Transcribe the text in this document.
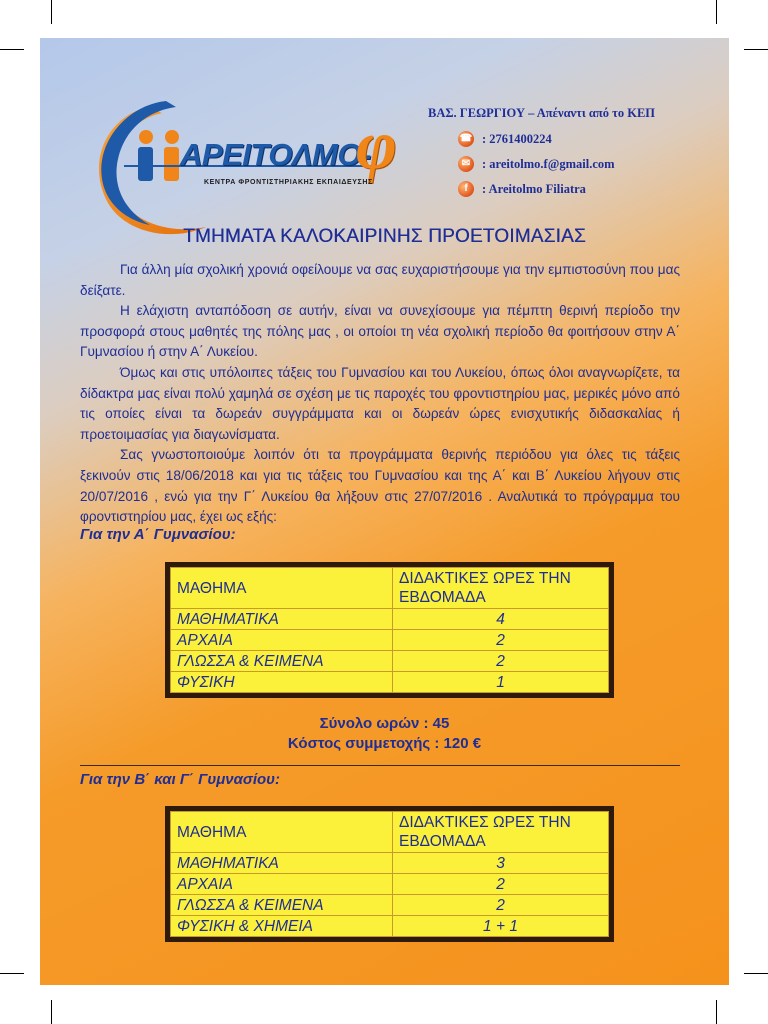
ΑΡΕΙΤΟΛΜΟ-
φ
ΚΕΝΤΡΑ ΦΡΟΝΤΙΣΤΗΡΙΑΚΗΣ ΕΚΠΑΙΔΕΥΣΗΣ
ΒΑΣ. ΓΕΩΡΓΙΟΥ – Απέναντι από το ΚΕΠ
☎ : 2761400224
✉ : areitolmo.f@gmail.com
f	: Areitolmo Filiatra
ΤΜΗΜΑΤΑ ΚΑΛΟΚΑΙΡΙΝΗΣ ΠΡΟΕΤΟΙΜΑΣΙΑΣ

Για άλλη μία σχολική χρονιά οφείλουμε να σας ευχαριστήσουμε για την εμπιστοσύνη που μας δείξατε.

Η ελάχιστη ανταπόδοση σε αυτήν, είναι να συνεχίσουμε για πέμπτη θερινή περίοδο την προσφορά στους μαθητές της πόλης μας , οι οποίοι τη νέα σχολική περίοδο θα φοιτήσουν στην Α΄ Γυμνασίου ή στην Α΄ Λυκείου.

Όμως και στις υπόλοιπες τάξεις του Γυμνασίου και του Λυκείου, όπως όλοι αναγνωρίζετε, τα δίδακτρα μας είναι πολύ χαμηλά σε σχέση με τις παροχές του φροντιστηρίου μας, μερικές μόνο από τις οποίες είναι τα δωρεάν συγγράμματα και οι δωρεάν ώρες ενισχυτικής διδασκαλίας ή προετοιμασίας για διαγωνίσματα.

Σας γνωστοποιούμε λοιπόν ότι τα προγράμματα θερινής περιόδου για όλες τις τάξεις ξεκινούν στις 18/06/2018 και για τις τάξεις του Γυμνασίου και της Α΄ και Β΄ Λυκείου λήγουν στις 20/07/2016 , ενώ για την Γ΄ Λυκείου θα λήξουν στις 27/07/2016 . Αναλυτικά το πρόγραμμα του φροντιστηρίου μας, έχει ως εξής:

Για την Α΄ Γυμνασίου:
ΜΑΘΗΜΑ	ΔΙΔΑΚΤΙΚΕΣ ΩΡΕΣ ΤΗΝ ΕΒΔΟΜΑΔΑ
ΜΑΘΗΜΑΤΙΚΑ	4
ΑΡΧΑΙΑ	2
ΓΛΩΣΣΑ & ΚΕΙΜΕΝΑ	2
ΦΥΣΙΚΗ	1
Σύνολο ωρών : 45
Κόστος συμμετοχής : 120 €
Για την Β΄ και Γ΄ Γυμνασίου:
ΜΑΘΗΜΑ	ΔΙΔΑΚΤΙΚΕΣ ΩΡΕΣ ΤΗΝ ΕΒΔΟΜΑΔΑ
ΜΑΘΗΜΑΤΙΚΑ	3
ΑΡΧΑΙΑ	2
ΓΛΩΣΣΑ & ΚΕΙΜΕΝΑ	2
ΦΥΣΙΚΗ & ΧΗΜΕΙΑ	1 + 1
